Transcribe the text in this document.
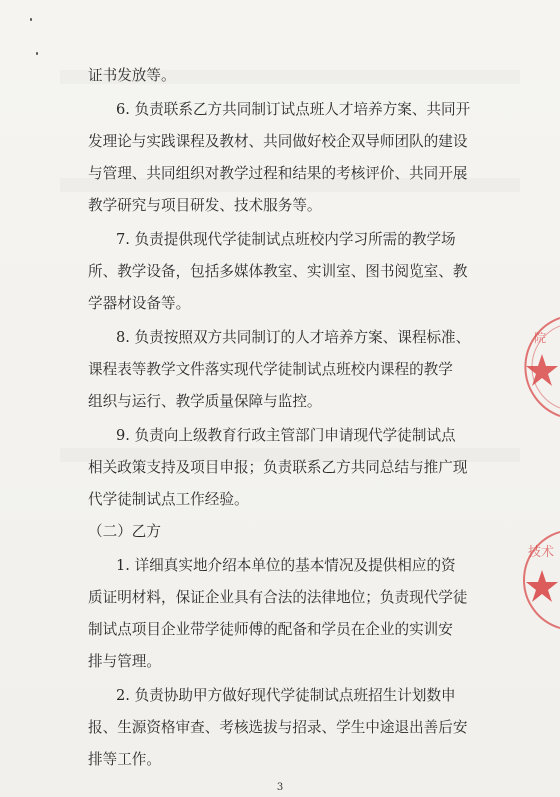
证书发放等。
6. 负责联系乙方共同制订试点班人才培养方案、共同开
发理论与实践课程及教材、共同做好校企双导师团队的建设
与管理、共同组织对教学过程和结果的考核评价、共同开展
教学研究与项目研发、技术服务等。
7. 负责提供现代学徒制试点班校内学习所需的教学场
所、教学设备，包括多媒体教室、实训室、图书阅览室、教
学器材设备等。
8. 负责按照双方共同制订的人才培养方案、课程标准、
课程表等教学文件落实现代学徒制试点班校内课程的教学
组织与运行、教学质量保障与监控。
9. 负责向上级教育行政主管部门申请现代学徒制试点
相关政策支持及项目申报；负责联系乙方共同总结与推广现
代学徒制试点工作经验。
（二）乙方
1. 详细真实地介绍本单位的基本情况及提供相应的资
质证明材料，保证企业具有合法的法律地位；负责现代学徒
制试点项目企业带学徒师傅的配备和学员在企业的实训安
排与管理。
2. 负责协助甲方做好现代学徒制试点班招生计划数申
报、生源资格审查、考核选拔与招录、学生中途退出善后安
排等工作。
3
院
技术
